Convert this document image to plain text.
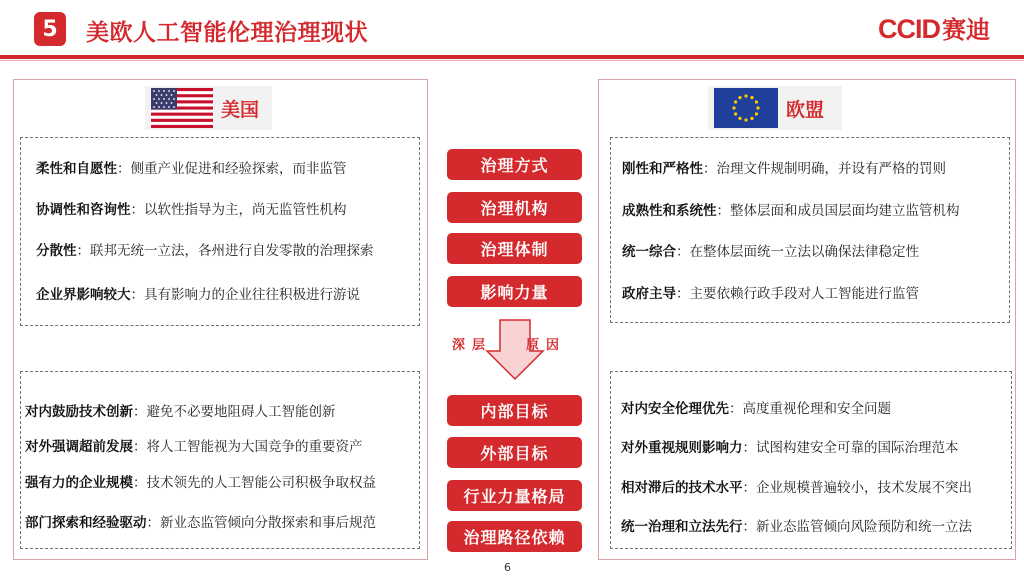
5	美欧人工智能伦理治理现状	CCID赛迪
美国
柔性和自愿性：侧重产业促进和经验探索，而非监管
协调性和咨询性：以软性指导为主，尚无监管性机构
分散性：联邦无统一立法，各州进行自发零散的治理探索
企业界影响较大：具有影响力的企业往往积极进行游说
对内鼓励技术创新：避免不必要地阻碍人工智能创新
对外强调超前发展：将人工智能视为大国竞争的重要资产
强有力的企业规模：技术领先的人工智能公司积极争取权益
部门探索和经验驱动：新业态监管倾向分散探索和事后规范
欧盟
刚性和严格性：治理文件规制明确，并设有严格的罚则
成熟性和系统性：整体层面和成员国层面均建立监管机构
统一综合：在整体层面统一立法以确保法律稳定性
政府主导：主要依赖行政手段对人工智能进行监管
对内安全伦理优先：高度重视伦理和安全问题
对外重视规则影响力：试图构建安全可靠的国际治理范本
相对滞后的技术水平：企业规模普遍较小，技术发展不突出
统一治理和立法先行：新业态监管倾向风险预防和统一立法
治理方式
治理机构
治理体制
影响力量
深层	原因
内部目标
外部目标
行业力量格局
治理路径依赖
6
